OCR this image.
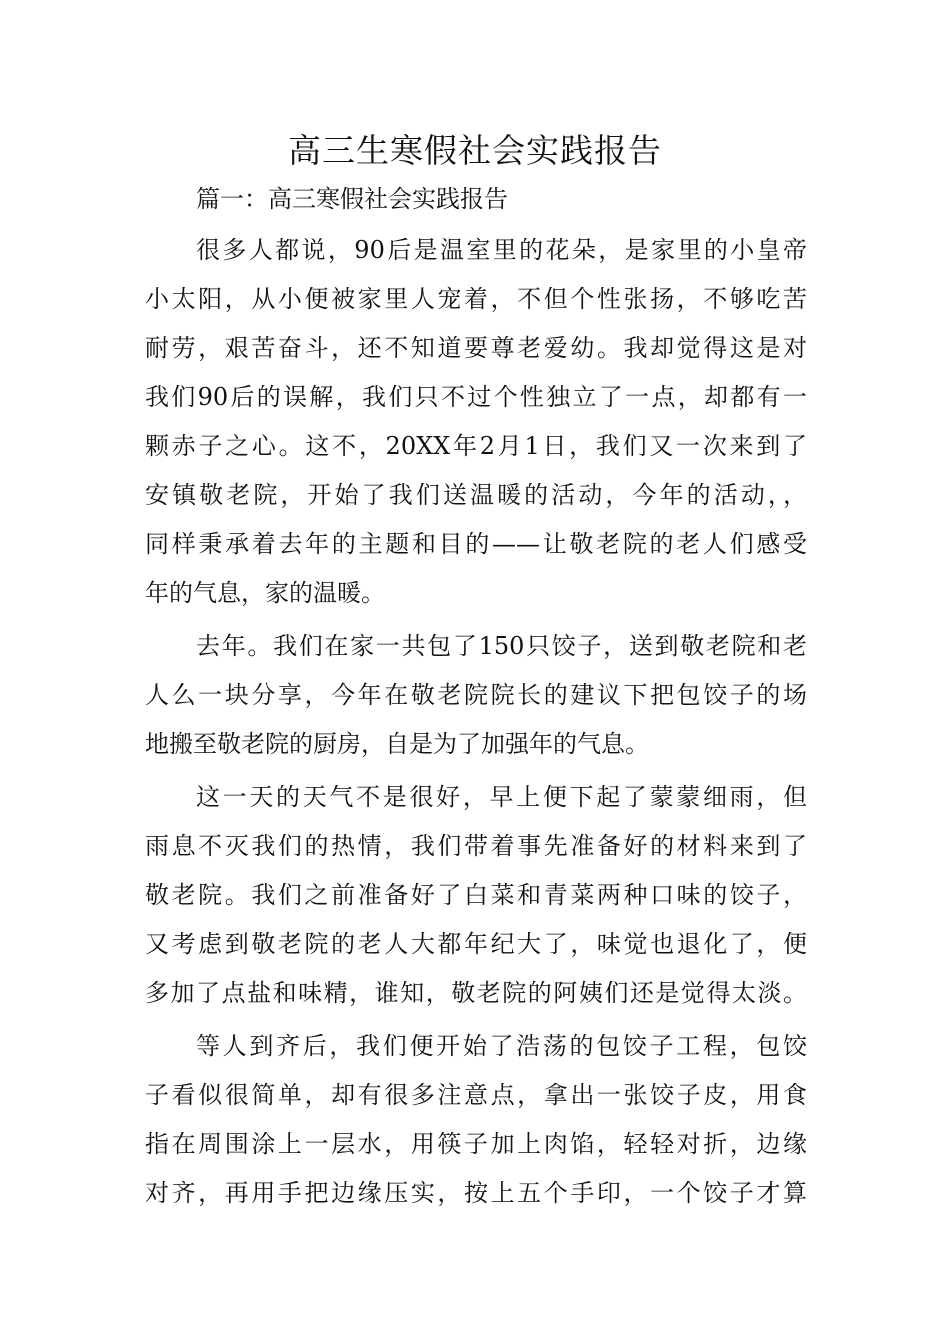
高三生寒假社会实践报告
篇一：高三寒假社会实践报告
很多人都说，90后是温室里的花朵，是家里的小皇帝
小太阳，从小便被家里人宠着，不但个性张扬，不够吃苦
耐劳，艰苦奋斗，还不知道要尊老爱幼。我却觉得这是对
我们90后的误解，我们只不过个性独立了一点，却都有一
颗赤子之心。这不，20XX年2月1日，我们又一次来到了
安镇敬老院，开始了我们送温暖的活动，今年的活动，，
同样秉承着去年的主题和目的——让敬老院的老人们感受
年的气息，家的温暖。
去年。我们在家一共包了150只饺子，送到敬老院和老
人么一块分享，今年在敬老院院长的建议下把包饺子的场
地搬至敬老院的厨房，自是为了加强年的气息。
这一天的天气不是很好，早上便下起了蒙蒙细雨，但
雨息不灭我们的热情，我们带着事先准备好的材料来到了
敬老院。我们之前准备好了白菜和青菜两种口味的饺子，
又考虑到敬老院的老人大都年纪大了，味觉也退化了，便
多加了点盐和味精，谁知，敬老院的阿姨们还是觉得太淡。
等人到齐后，我们便开始了浩荡的包饺子工程，包饺
子看似很简单，却有很多注意点，拿出一张饺子皮，用食
指在周围涂上一层水，用筷子加上肉馅，轻轻对折，边缘
对齐，再用手把边缘压实，按上五个手印，一个饺子才算
